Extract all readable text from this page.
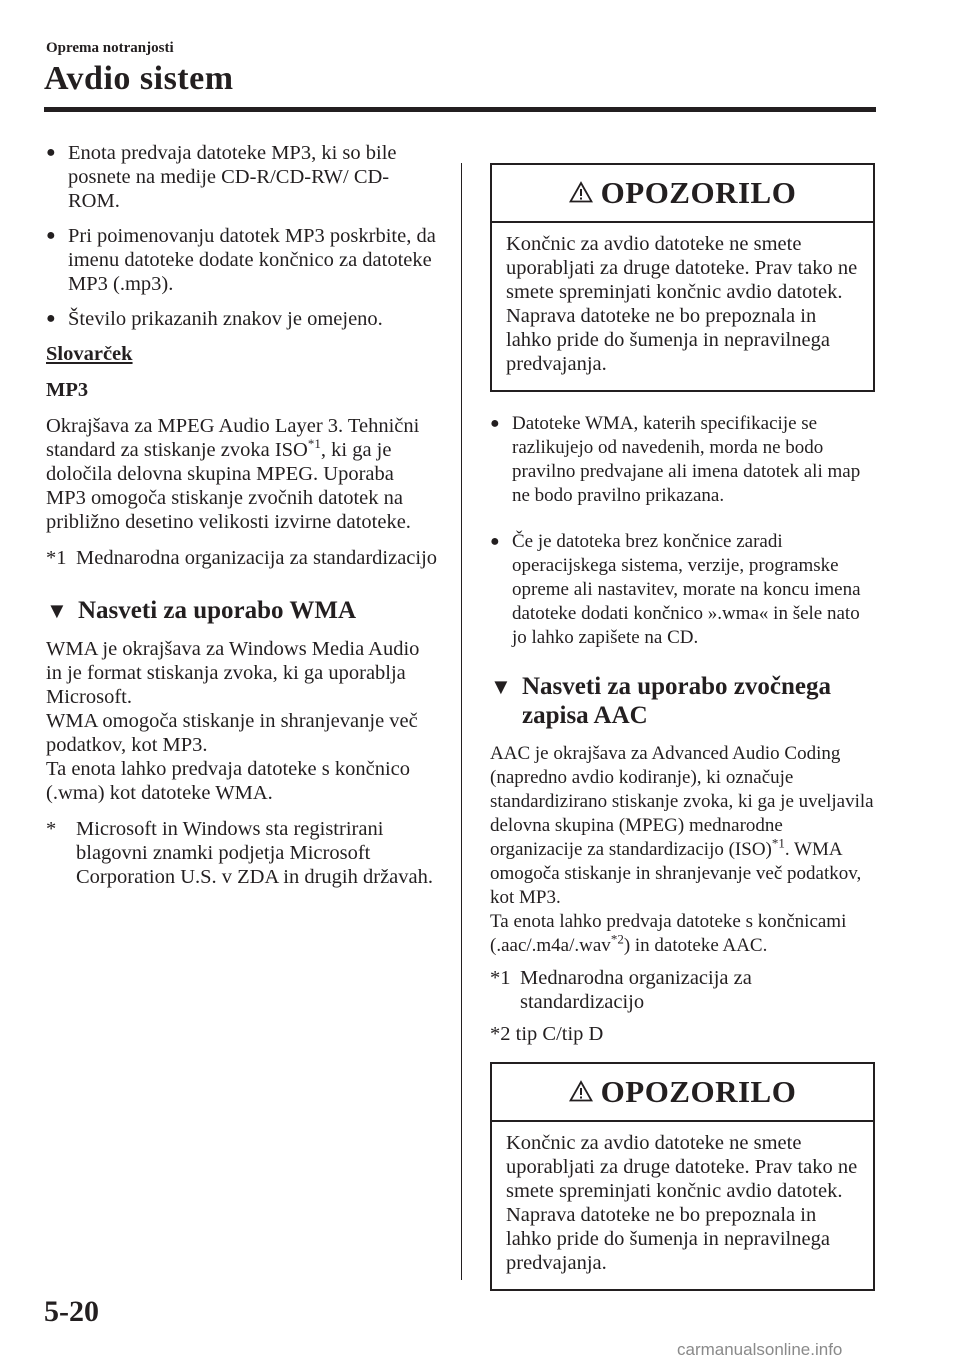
Oprema notranjosti
Avdio sistem
● Enota predvaja datoteke MP3, ki so bile posnete na medije CD-R/CD-RW/ CD-ROM.
● Pri poimenovanju datotek MP3 poskrbite, da imenu datoteke dodate končnico za datoteke MP3 (.mp3).
● Število prikazanih znakov je omejeno.
Slovarček
MP3
Okrajšava za MPEG Audio Layer 3. Tehnični standard za stiskanje zvoka ISO$^{*1}$, ki ga je določila delovna skupina MPEG. Uporaba MP3 omogoča stiskanje zvočnih datotek na približno desetino velikosti izvirne datoteke.
*1 Mednarodna organizacija za standardizacijo
▼ Nasveti za uporabo WMA
WMA je okrajšava za Windows Media Audio in je format stiskanja zvoka, ki ga uporablja Microsoft.
WMA omogoča stiskanje in shranjevanje več podatkov, kot MP3.
Ta enota lahko predvaja datoteke s končnico (.wma) kot datoteke WMA.
* Microsoft in Windows sta registrirani blagovni znamki podjetja Microsoft Corporation U.S. v ZDA in drugih državah.
OPOZORILO
Končnic za avdio datoteke ne smete uporabljati za druge datoteke. Prav tako ne smete spreminjati končnic avdio datotek. Naprava datoteke ne bo prepoznala in lahko pride do šumenja in nepravilnega predvajanja.
● Datoteke WMA, katerih specifikacije se razlikujejo od navedenih, morda ne bodo pravilno predvajane ali imena datotek ali map ne bodo pravilno prikazana.
● Če je datoteka brez končnice zaradi operacijskega sistema, verzije, programske opreme ali nastavitev, morate na koncu imena datoteke dodati končnico ».wma« in šele nato jo lahko zapišete na CD.
▼ Nasveti za uporabo zvočnega zapisa AAC
AAC je okrajšava za Advanced Audio Coding (napredno avdio kodiranje), ki označuje standardizirano stiskanje zvoka, ki ga je uveljavila delovna skupina (MPEG) mednarodne organizacije za standardizacijo (ISO)$^{*1}$. WMA omogoča stiskanje in shranjevanje več podatkov, kot MP3.
Ta enota lahko predvaja datoteke s končnicami (.aac/.m4a/.wav$^{*2}$) in datoteke AAC.
*1 Mednarodna organizacija za standardizacijo
*2 tip C/tip D
OPOZORILO
Končnic za avdio datoteke ne smete uporabljati za druge datoteke. Prav tako ne smete spreminjati končnic avdio datotek. Naprava datoteke ne bo prepoznala in lahko pride do šumenja in nepravilnega predvajanja.
5-20
carmanualsonline.info
